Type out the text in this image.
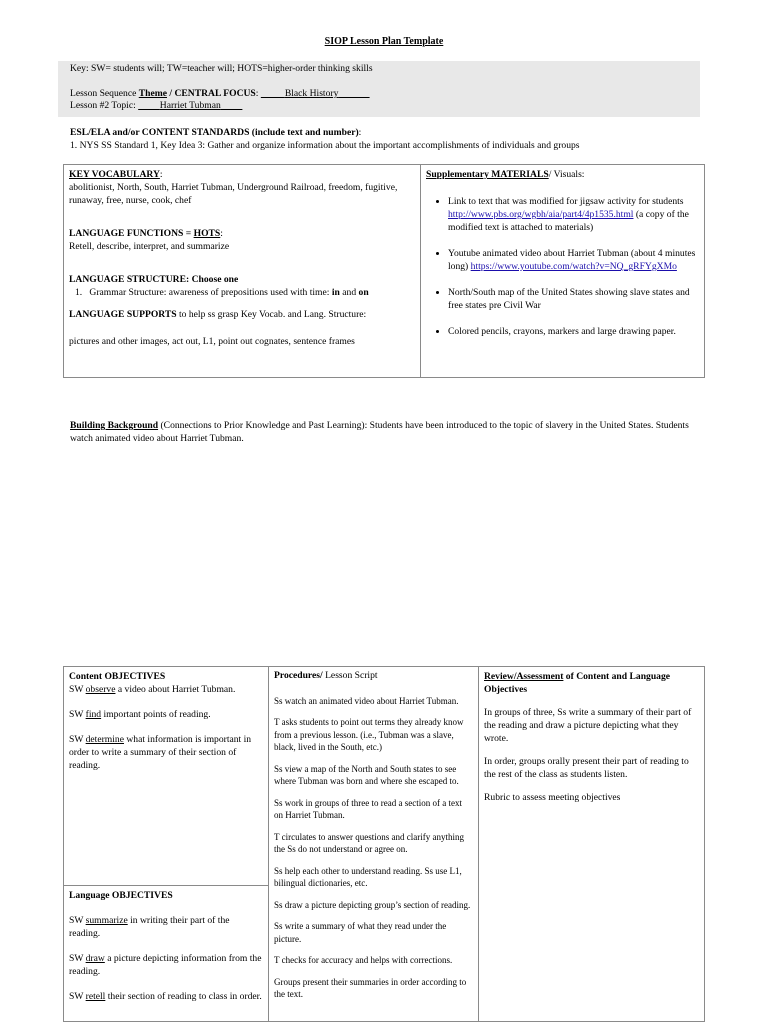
SIOP Lesson Plan Template
Key: SW= students will; TW=teacher will; HOTS=higher-order thinking skills
Lesson Sequence Theme / CENTRAL FOCUS:           Black History
Lesson #2 Topic:          Harriet Tubman
ESL/ELA and/or CONTENT STANDARDS (include text and number):
1. NYS SS Standard 1, Key Idea 3: Gather and organize information about the important accomplishments of individuals and groups

KEY VOCABULARY:

abolitionist, North, South, Harriet Tubman, Underground Railroad, freedom, fugitive, runaway, free, nurse, cook, chef

LANGUAGE FUNCTIONS = HOTS:

Retell, describe, interpret, and summarize

LANGUAGE STRUCTURE: Choose one

1.   Grammar Structure: awareness of prepositions used with time: in and on

LANGUAGE SUPPORTS to help ss grasp Key Vocab. and Lang. Structure:

pictures and other images, act out, L1, point out cognates, sentence frames

Supplementary MATERIALS/ Visuals:

• Link to text that was modified for jigsaw activity for students
http://www.pbs.org/wgbh/aia/part4/4p1535.html (a copy of the modified text is attached to materials)
• Youtube animated video about Harriet Tubman (about 4 minutes long) https://www.youtube.com/watch?v=NQ_gRFYgXMo
• North/South map of the United States showing slave states and free states pre Civil War
• Colored pencils, crayons, markers and large drawing paper.
Building Background (Connections to Prior Knowledge and Past Learning): Students have been introduced to the topic of slavery in the United States. Students watch animated video about Harriet Tubman.

Content OBJECTIVES

SW observe a video about Harriet Tubman.

SW find important points of reading.

SW determine what information is important in order to write a summary of their section of reading.

Language OBJECTIVES

SW summarize in writing their part of the reading.

SW draw a picture depicting information from the reading.

SW retell their section of reading to class in order.

Procedures/ Lesson Script

Ss watch an animated video about Harriet Tubman.

T asks students to point out terms they already know from a previous lesson. (i.e., Tubman was a slave, black, lived in the South, etc.)

Ss view a map of the North and South states to see where Tubman was born and where she escaped to.

Ss work in groups of three to read a section of a text on Harriet Tubman.

T circulates to answer questions and clarify anything the Ss do not understand or agree on.

Ss help each other to understand reading. Ss use L1, bilingual dictionaries, etc.

Ss draw a picture depicting group’s section of reading.

Ss write a summary of what they read under the picture.

T checks for accuracy and helps with corrections.

Groups present their summaries in order according to the text.

Review/Assessment of Content and Language Objectives

In groups of three, Ss write a summary of their part of the reading and draw a picture depicting what they wrote.

In order, groups orally present their part of reading to the rest of the class as students listen.

Rubric to assess meeting objectives
